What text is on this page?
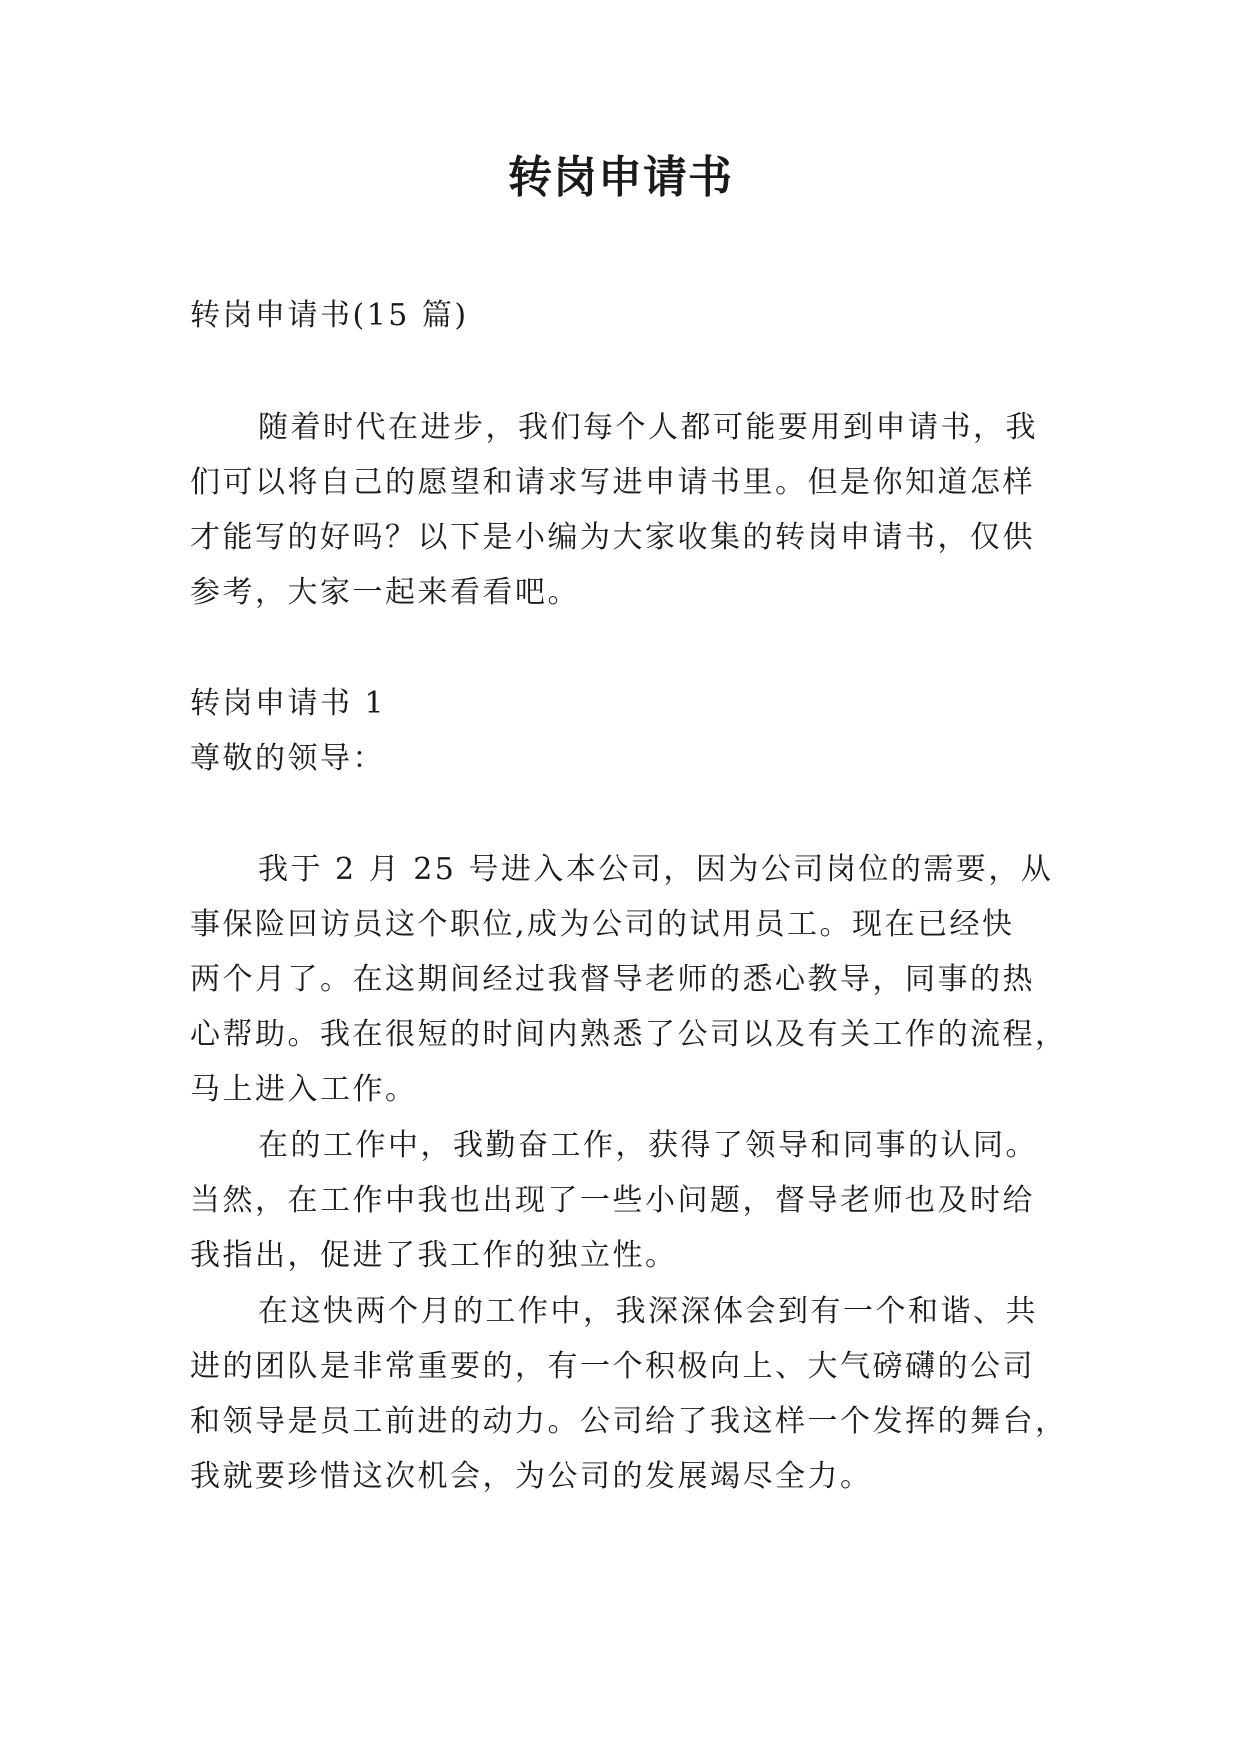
转岗申请书

转岗申请书(15 篇)

随着时代在进步，我们每个人都可能要用到申请书，我

们可以将自己的愿望和请求写进申请书里。但是你知道怎样

才能写的好吗？以下是小编为大家收集的转岗申请书，仅供

参考，大家一起来看看吧。

转岗申请书 1

尊敬的领导：

我于 2 月 25 号进入本公司，因为公司岗位的需要，从

事保险回访员这个职位,成为公司的试用员工。现在已经快

两个月了。在这期间经过我督导老师的悉心教导，同事的热

心帮助。我在很短的时间内熟悉了公司以及有关工作的流程，

马上进入工作。

在的工作中，我勤奋工作，获得了领导和同事的认同。

当然，在工作中我也出现了一些小问题，督导老师也及时给

我指出，促进了我工作的独立性。

在这快两个月的工作中，我深深体会到有一个和谐、共

进的团队是非常重要的，有一个积极向上、大气磅礴的公司

和领导是员工前进的动力。公司给了我这样一个发挥的舞台，

我就要珍惜这次机会，为公司的发展竭尽全力。
